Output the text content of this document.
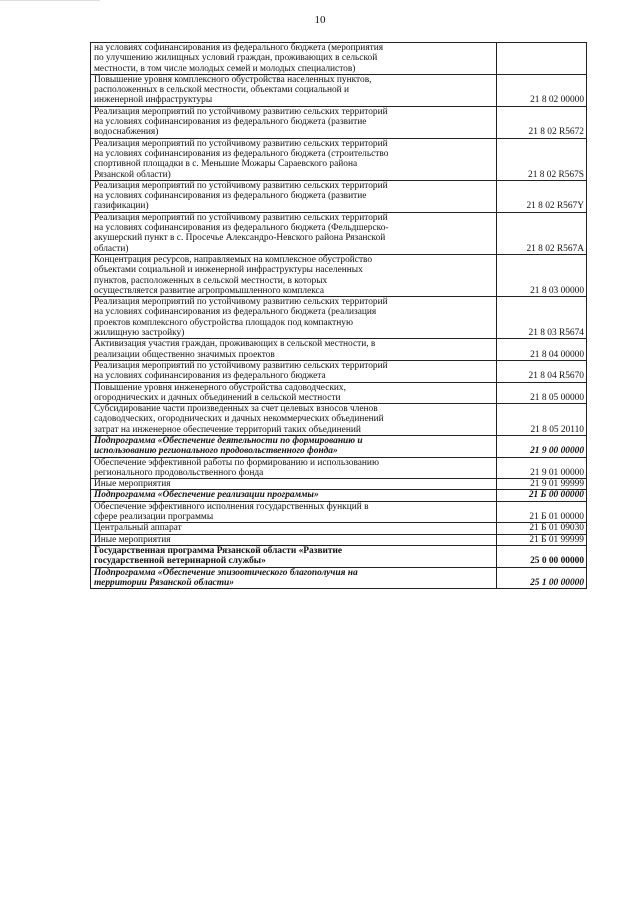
10
на условиях софинансирования из федерального бюджета (мероприятия
по улучшению жилищных условий граждан, проживающих в сельской
местности, в том числе молодых семей и молодых специалистов)	
Повышение уровня комплексного обустройства населенных пунктов,
расположенных в сельской местности, объектами социальной и
инженерной инфраструктуры	21 8 02 00000
Реализация мероприятий по устойчивому развитию сельских территорий
на условиях софинансирования из федерального бюджета (развитие
водоснабжения)	21 8 02 R5672
Реализация мероприятий по устойчивому развитию сельских территорий
на условиях софинансирования из федерального бюджета (строительство
спортивной площадки в с. Меньшие Можары Сараевского района
Рязанской области)	21 8 02 R567S
Реализация мероприятий по устойчивому развитию сельских территорий
на условиях софинансирования из федерального бюджета (развитие
газификации)	21 8 02 R567Y
Реализация мероприятий по устойчивому развитию сельских территорий
на условиях софинансирования из федерального бюджета (Фельдшерско-
акушерский пункт в с. Просечье Александро-Невского района Рязанской
области)	21 8 02 R567A
Концентрация ресурсов, направляемых на комплексное обустройство
объектами социальной и инженерной инфраструктуры населенных
пунктов, расположенных в сельской местности, в которых
осуществляется развитие агропромышленного комплекса	21 8 03 00000
Реализация мероприятий по устойчивому развитию сельских территорий
на условиях софинансирования из федерального бюджета (реализация
проектов комплексного обустройства площадок под компактную
жилищную застройку)	21 8 03 R5674
Активизация участия граждан, проживающих в сельской местности, в
реализации общественно значимых проектов	21 8 04 00000
Реализация мероприятий по устойчивому развитию сельских территорий
на условиях софинансирования из федерального бюджета	21 8 04 R5670
Повышение уровня инженерного обустройства садоводческих,
огороднических и дачных объединений в сельской местности	21 8 05 00000
Субсидирование части произведенных за счет целевых взносов членов
садоводческих, огороднических и дачных некоммерческих объединений
затрат на инженерное обеспечение территорий таких объединений	21 8 05 20110
Подпрограмма «Обеспечение деятельности по формированию и
использованию регионального продовольственного фонда»	21 9 00 00000
Обеспечение эффективной работы по формированию и использованию
регионального продовольственного фонда	21 9 01 00000
Иные мероприятия	21 9 01 99999
Подпрограмма «Обеспечение реализации программы»	21 Б 00 00000
Обеспечение эффективного исполнения государственных функций в
сфере реализации программы	21 Б 01 00000
Центральный аппарат	21 Б 01 09030
Иные мероприятия	21 Б 01 99999
Государственная программа Рязанской области «Развитие
государственной ветеринарной службы»	25 0 00 00000
Подпрограмма «Обеспечение эпизоотического благополучия на
территории Рязанской области»	25 1 00 00000
